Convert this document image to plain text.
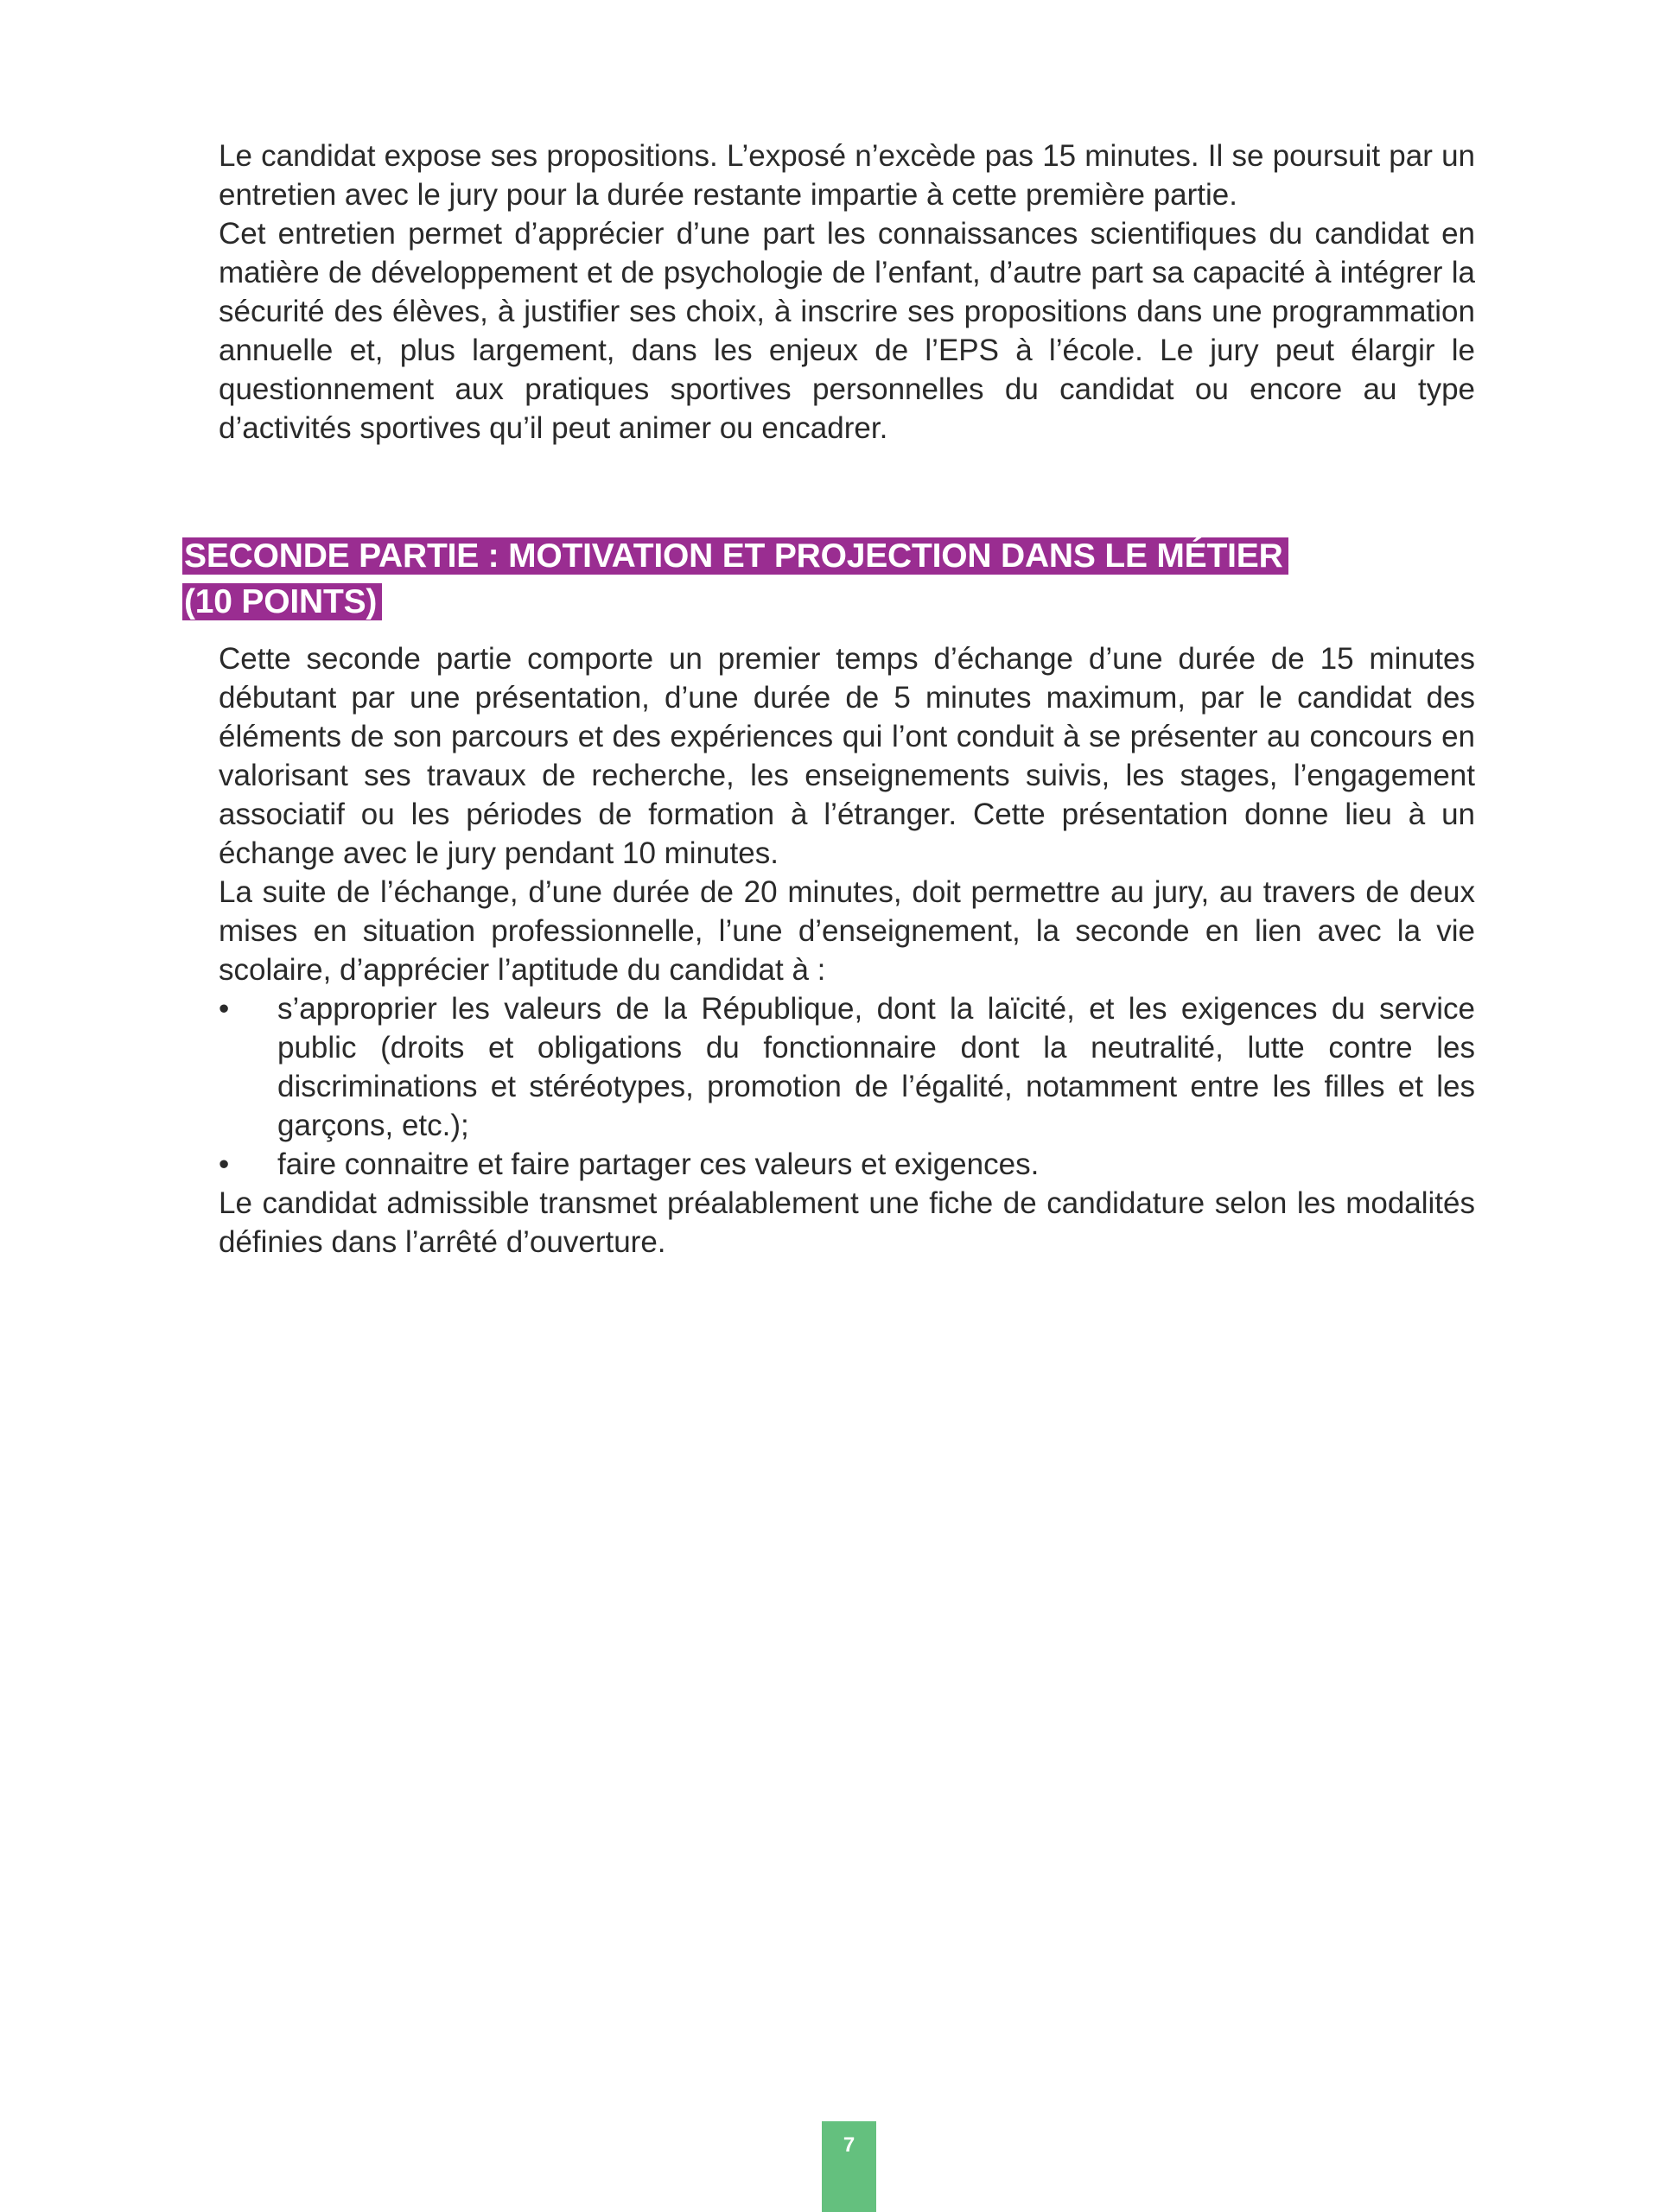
Le candidat expose ses propositions. L’exposé n’excède pas 15 minutes. Il se poursuit par un entretien avec le jury pour la durée restante impartie à cette première partie.

Cet entretien permet d’apprécier d’une part les connaissances scientifiques du candidat en matière de développement et de psychologie de l’enfant, d’autre part sa capacité à intégrer la sécurité des élèves, à justifier ses choix, à inscrire ses propositions dans une programmation annuelle et, plus largement, dans les enjeux de l’EPS à l’école. Le jury peut élargir le questionnement aux pratiques sportives personnelles du candidat ou encore au type d’activités sportives qu’il peut animer ou encadrer.

SECONDE PARTIE : MOTIVATION ET PROJECTION DANS LE MÉTIER
(10 POINTS)

Cette seconde partie comporte un premier temps d’échange d’une durée de 15 minutes débutant par une présentation, d’une durée de 5 minutes maximum, par le candidat des éléments de son parcours et des expériences qui l’ont conduit à se présenter au concours en valorisant ses travaux de recherche, les enseignements suivis, les stages, l’engagement associatif ou les périodes de formation à l’étranger. Cette présentation donne lieu à un échange avec le jury pendant 10 minutes.

La suite de l’échange, d’une durée de 20 minutes, doit permettre au jury, au travers de deux mises en situation professionnelle, l’une d’enseignement, la seconde en lien avec la vie scolaire, d’apprécier l’aptitude du candidat à :

• s’approprier les valeurs de la République, dont la laïcité, et les exigences du service public (droits et obligations du fonctionnaire dont la neutralité, lutte contre les discriminations et stéréotypes, promotion de l’égalité, notamment entre les filles et les garçons, etc.);
• faire connaitre et faire partager ces valeurs et exigences.

Le candidat admissible transmet préalablement une fiche de candidature selon les modalités définies dans l’arrêté d’ouverture.

7
